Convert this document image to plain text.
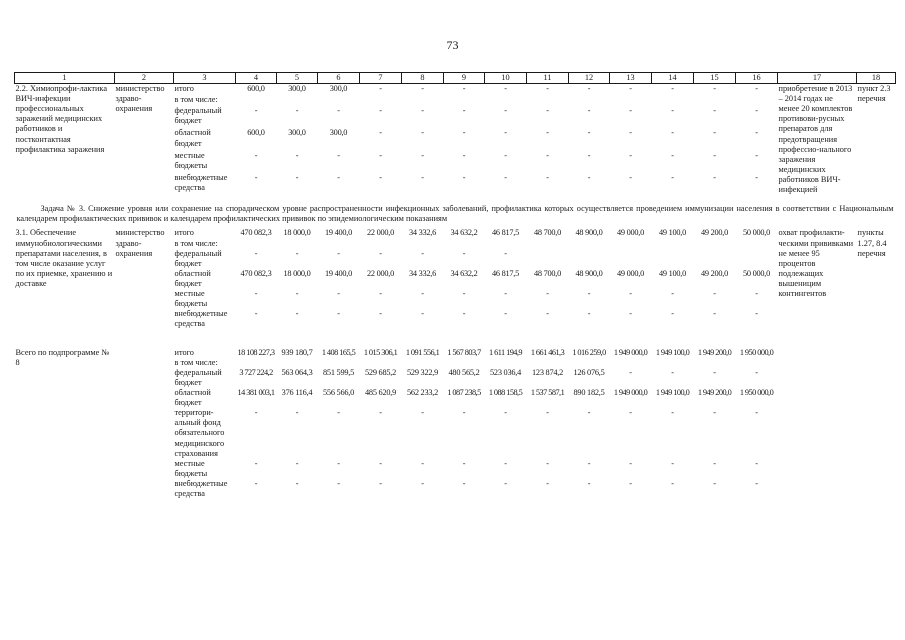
73
1	2	3	4	5	6	7	8	9	10	11	12	13	14	15	16	17	18
2.2. Химиопрофи-лактика ВИЧ-инфекции профессиональных заражений медицинских работников и постконтактная профилактика заражения	министерство здраво-охранения	итого	600,0	300,0	300,0	-	-	-	-	-	-	-	-	-	-	приобретение в 2013 – 2014 годах не менее 20 комплектов противови-русных препаратов для предотвращения профессио-нального заражения медицинских работников ВИЧ-инфекцией	пункт 2.3 перечня
		в том числе:															
		федеральный бюджет	-	-	-	-	-	-	-	-	-	-	-	-	-		
		областной бюджет	600,0	300,0	300,0	-	-	-	-	-	-	-	-	-	-		
		местные бюджеты	-	-	-	-	-	-	-	-	-	-	-	-	-		
		внебюджетные средства	-	-	-	-	-	-	-	-	-	-	-	-	-		
Задача № 3. Снижение уровня или сохранение на спорадическом уровне распространенности инфекционных заболеваний, профилактика которых осуществляется проведением иммунизации населения в соответствии с Национальным календарем профилактических прививок и календарем профилактических прививок по эпидемиологическим показаниям																	
3.1. Обеспечение иммунобиологическими препаратами населения, в том числе оказание услуг по их приемке, хранению и доставке	министерство здраво-охранения	итого	470 082,3	18 000,0	19 400,0	22 000,0	34 332,6	34 632,2	46 817,5	48 700,0	48 900,0	49 000,0	49 100,0	49 200,0	50 000,0	охват профилакти-ческими прививками не менее 95 процентов подлежащих вышеницим контингентов	пункты 1.27, 8.4 перечня
		в том числе:															
		федеральный бюджет	-	-	-	-	-	-	-								
		областной бюджет	470 082,3	18 000,0	19 400,0	22 000,0	34 332,6	34 632,2	46 817,5	48 700,0	48 900,0	49 000,0	49 100,0	49 200,0	50 000,0		
		местные бюджеты	-	-	-	-	-	-	-	-	-	-	-	-	-		
		внебюджетные средства	-	-	-	-	-	-	-	-	-	-	-	-	-		

Всего по подпрограмме № 8		итого	18 108 227,3	939 180,7	1 408 165,5	1 015 306,1	1 091 556,1	1 567 803,7	1 611 194,9	1 661 461,3	1 016 259,0	1 949 000,0	1 949 100,0	1 949 200,0	1 950 000,0		
		в том числе:															
		федеральный бюджет	3 727 224,2	563 064,3	851 599,5	529 685,2	529 322,9	480 565,2	523 036,4	123 874,2	126 076,5	-	-	-	-		
		областной бюджет	14 381 003,1	376 116,4	556 566,0	485 620,9	562 233,2	1 087 238,5	1 088 158,5	1 537 587,1	890 182,5	1 949 000,0	1 949 100,0	1 949 200,0	1 950 000,0		
		территори-альный фонд обязательного медицинского страхования	-	-	-	-	-	-	-	-	-	-	-	-	-		
		местные бюджеты	-	-	-	-	-	-	-	-	-	-	-	-	-		
		внебюджетные средства	-	-	-	-	-	-	-	-	-	-	-	-	-		
